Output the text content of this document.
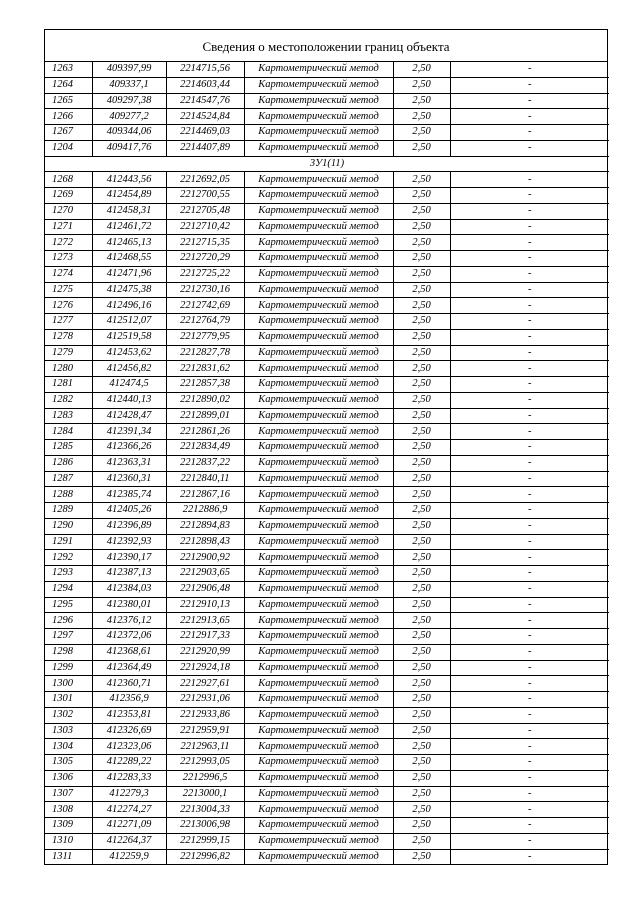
Сведения о местоположении границ объекта
1263	409397,99	2214715,56	Картометрический метод	2,50	-
1264	409337,1	2214603,44	Картометрический метод	2,50	-
1265	409297,38	2214547,76	Картометрический метод	2,50	-
1266	409277,2	2214524,84	Картометрический метод	2,50	-
1267	409344,06	2214469,03	Картометрический метод	2,50	-
1204	409417,76	2214407,89	Картометрический метод	2,50	-
3У1(11)					
1268	412443,56	2212692,05	Картометрический метод	2,50	-
1269	412454,89	2212700,55	Картометрический метод	2,50	-
1270	412458,31	2212705,48	Картометрический метод	2,50	-
1271	412461,72	2212710,42	Картометрический метод	2,50	-
1272	412465,13	2212715,35	Картометрический метод	2,50	-
1273	412468,55	2212720,29	Картометрический метод	2,50	-
1274	412471,96	2212725,22	Картометрический метод	2,50	-
1275	412475,38	2212730,16	Картометрический метод	2,50	-
1276	412496,16	2212742,69	Картометрический метод	2,50	-
1277	412512,07	2212764,79	Картометрический метод	2,50	-
1278	412519,58	2212779,95	Картометрический метод	2,50	-
1279	412453,62	2212827,78	Картометрический метод	2,50	-
1280	412456,82	2212831,62	Картометрический метод	2,50	-
1281	412474,5	2212857,38	Картометрический метод	2,50	-
1282	412440,13	2212890,02	Картометрический метод	2,50	-
1283	412428,47	2212899,01	Картометрический метод	2,50	-
1284	412391,34	2212861,26	Картометрический метод	2,50	-
1285	412366,26	2212834,49	Картометрический метод	2,50	-
1286	412363,31	2212837,22	Картометрический метод	2,50	-
1287	412360,31	2212840,11	Картометрический метод	2,50	-
1288	412385,74	2212867,16	Картометрический метод	2,50	-
1289	412405,26	2212886,9	Картометрический метод	2,50	-
1290	412396,89	2212894,83	Картометрический метод	2,50	-
1291	412392,93	2212898,43	Картометрический метод	2,50	-
1292	412390,17	2212900,92	Картометрический метод	2,50	-
1293	412387,13	2212903,65	Картометрический метод	2,50	-
1294	412384,03	2212906,48	Картометрический метод	2,50	-
1295	412380,01	2212910,13	Картометрический метод	2,50	-
1296	412376,12	2212913,65	Картометрический метод	2,50	-
1297	412372,06	2212917,33	Картометрический метод	2,50	-
1298	412368,61	2212920,99	Картометрический метод	2,50	-
1299	412364,49	2212924,18	Картометрический метод	2,50	-
1300	412360,71	2212927,61	Картометрический метод	2,50	-
1301	412356,9	2212931,06	Картометрический метод	2,50	-
1302	412353,81	2212933,86	Картометрический метод	2,50	-
1303	412326,69	2212959,91	Картометрический метод	2,50	-
1304	412323,06	2212963,11	Картометрический метод	2,50	-
1305	412289,22	2212993,05	Картометрический метод	2,50	-
1306	412283,33	2212996,5	Картометрический метод	2,50	-
1307	412279,3	2213000,1	Картометрический метод	2,50	-
1308	412274,27	2213004,33	Картометрический метод	2,50	-
1309	412271,09	2213006,98	Картометрический метод	2,50	-
1310	412264,37	2212999,15	Картометрический метод	2,50	-
1311	412259,9	2212996,82	Картометрический метод	2,50	-
